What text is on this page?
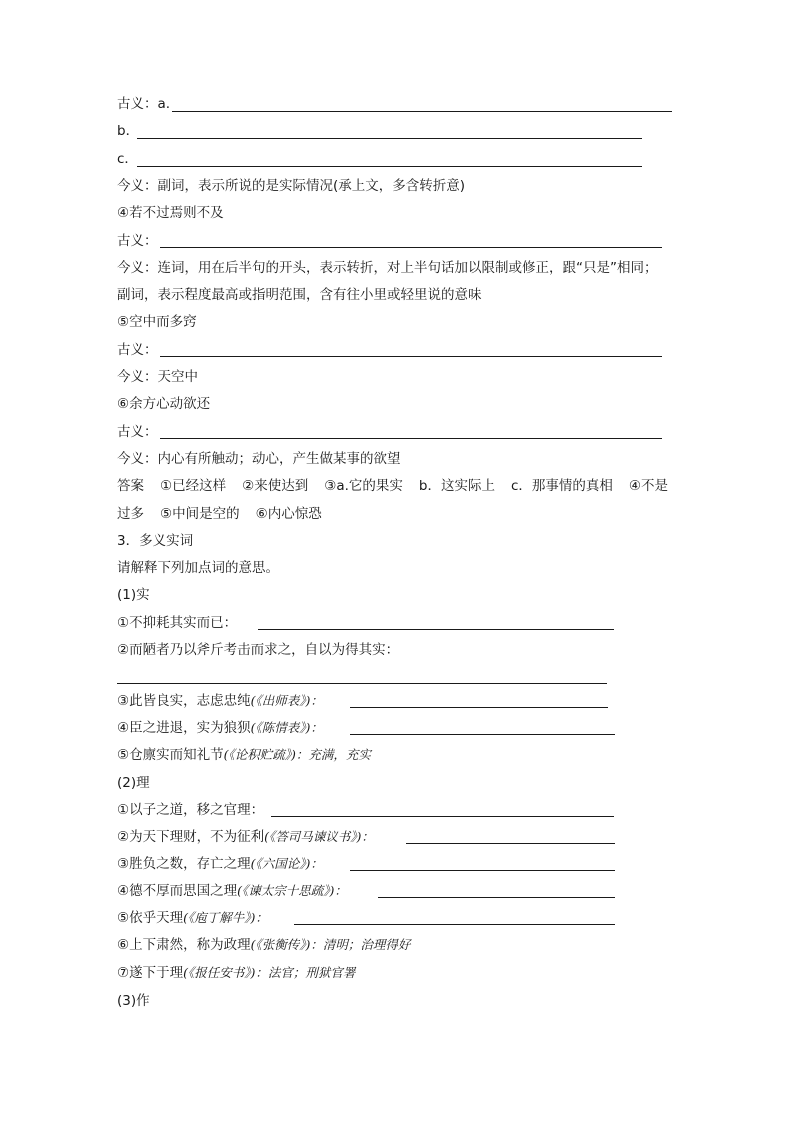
古义：a.
b．
c．
今义：副词，表示所说的是实际情况(承上文，多含转折意)
④若不过焉则不及
古义：
今义：连词，用在后半句的开头，表示转折，对上半句话加以限制或修正，跟“只是”相同；
副词，表示程度最高或指明范围，含有往小里或轻里说的意味
⑤空中而多窍
古义：
今义：天空中
⑥余方心动欲还
古义：
今义：内心有所触动；动心，产生做某事的欲望
答案 ①已经这样 ②来使达到 ③a.它的果实 b．这实际上 c．那事情的真相 ④不是
过多 ⑤中间是空的 ⑥内心惊恐
3．多义实词
请解释下列加点词的意思。
(1)实
①不抑耗其实而已：
②而陋者乃以斧斤考击而求之，自以为得其实：
③此皆良实，志虑忠纯(《出师表》)：
④臣之进退，实为狼狈(《陈情表》)：
⑤仓廪实而知礼节(《论积贮疏》)：充满，充实
(2)理
①以子之道，移之官理：
②为天下理财，不为征利(《答司马谏议书》)：
③胜负之数，存亡之理(《六国论》)：
④德不厚而思国之理(《谏太宗十思疏》)：
⑤依乎天理(《庖丁解牛》)：
⑥上下肃然，称为政理(《张衡传》)：清明；治理得好
⑦遂下于理(《报任安书》)：法官；刑狱官署
(3)作
